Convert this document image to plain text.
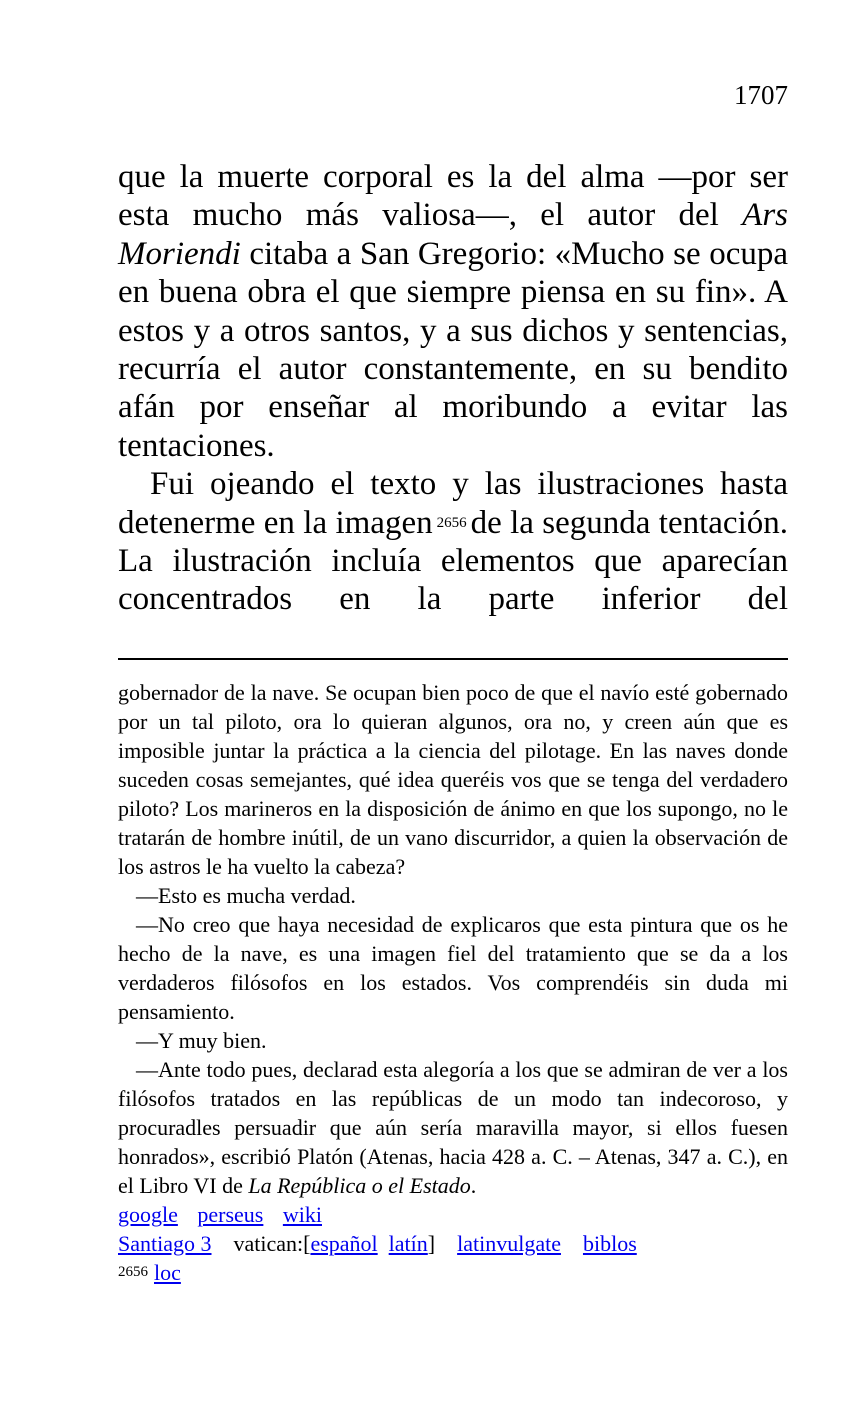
1707

que la muerte corporal es la del alma —por ser esta mucho más valiosa—, el autor del Ars Moriendi citaba a San Gregorio: «Mucho se ocupa en buena obra el que siempre piensa en su fin». A estos y a otros santos, y a sus dichos y sentencias, recurría el autor constantemente, en su bendito afán por enseñar al moribundo a evitar las tentaciones.

Fui ojeando el texto y las ilustraciones hasta detenerme en la imagen $^{2656}$ de la segunda tentación. La ilustración incluía elementos que aparecían concentrados en la parte inferior del

gobernador de la nave. Se ocupan bien poco de que el navío esté gobernado por un tal piloto, ora lo quieran algunos, ora no, y creen aún que es imposible juntar la práctica a la ciencia del pilotage. En las naves donde suceden cosas semejantes, qué idea queréis vos que se tenga del verdadero piloto? Los marineros en la disposición de ánimo en que los supongo, no le tratarán de hombre inútil, de un vano discurridor, a quien la observación de los astros le ha vuelto la cabeza?

—Esto es mucha verdad.

—No creo que haya necesidad de explicaros que esta pintura que os he hecho de la nave, es una imagen fiel del tratamiento que se da a los verdaderos filósofos en los estados. Vos comprendéis sin duda mi pensamiento.

—Y muy bien.

—Ante todo pues, declarad esta alegoría a los que se admiran de ver a los filósofos tratados en las repúblicas de un modo tan indecoroso, y procuradles persuadir que aún sería maravilla mayor, si ellos fuesen honrados», escribió Platón (Atenas, hacia 428 a. C. – Atenas, 347 a. C.), en el Libro VI de La República o el Estado.

google perseus wiki
Santiago 3 vatican:[español latín] latinvulgate biblos
$^{2656}$ loc
